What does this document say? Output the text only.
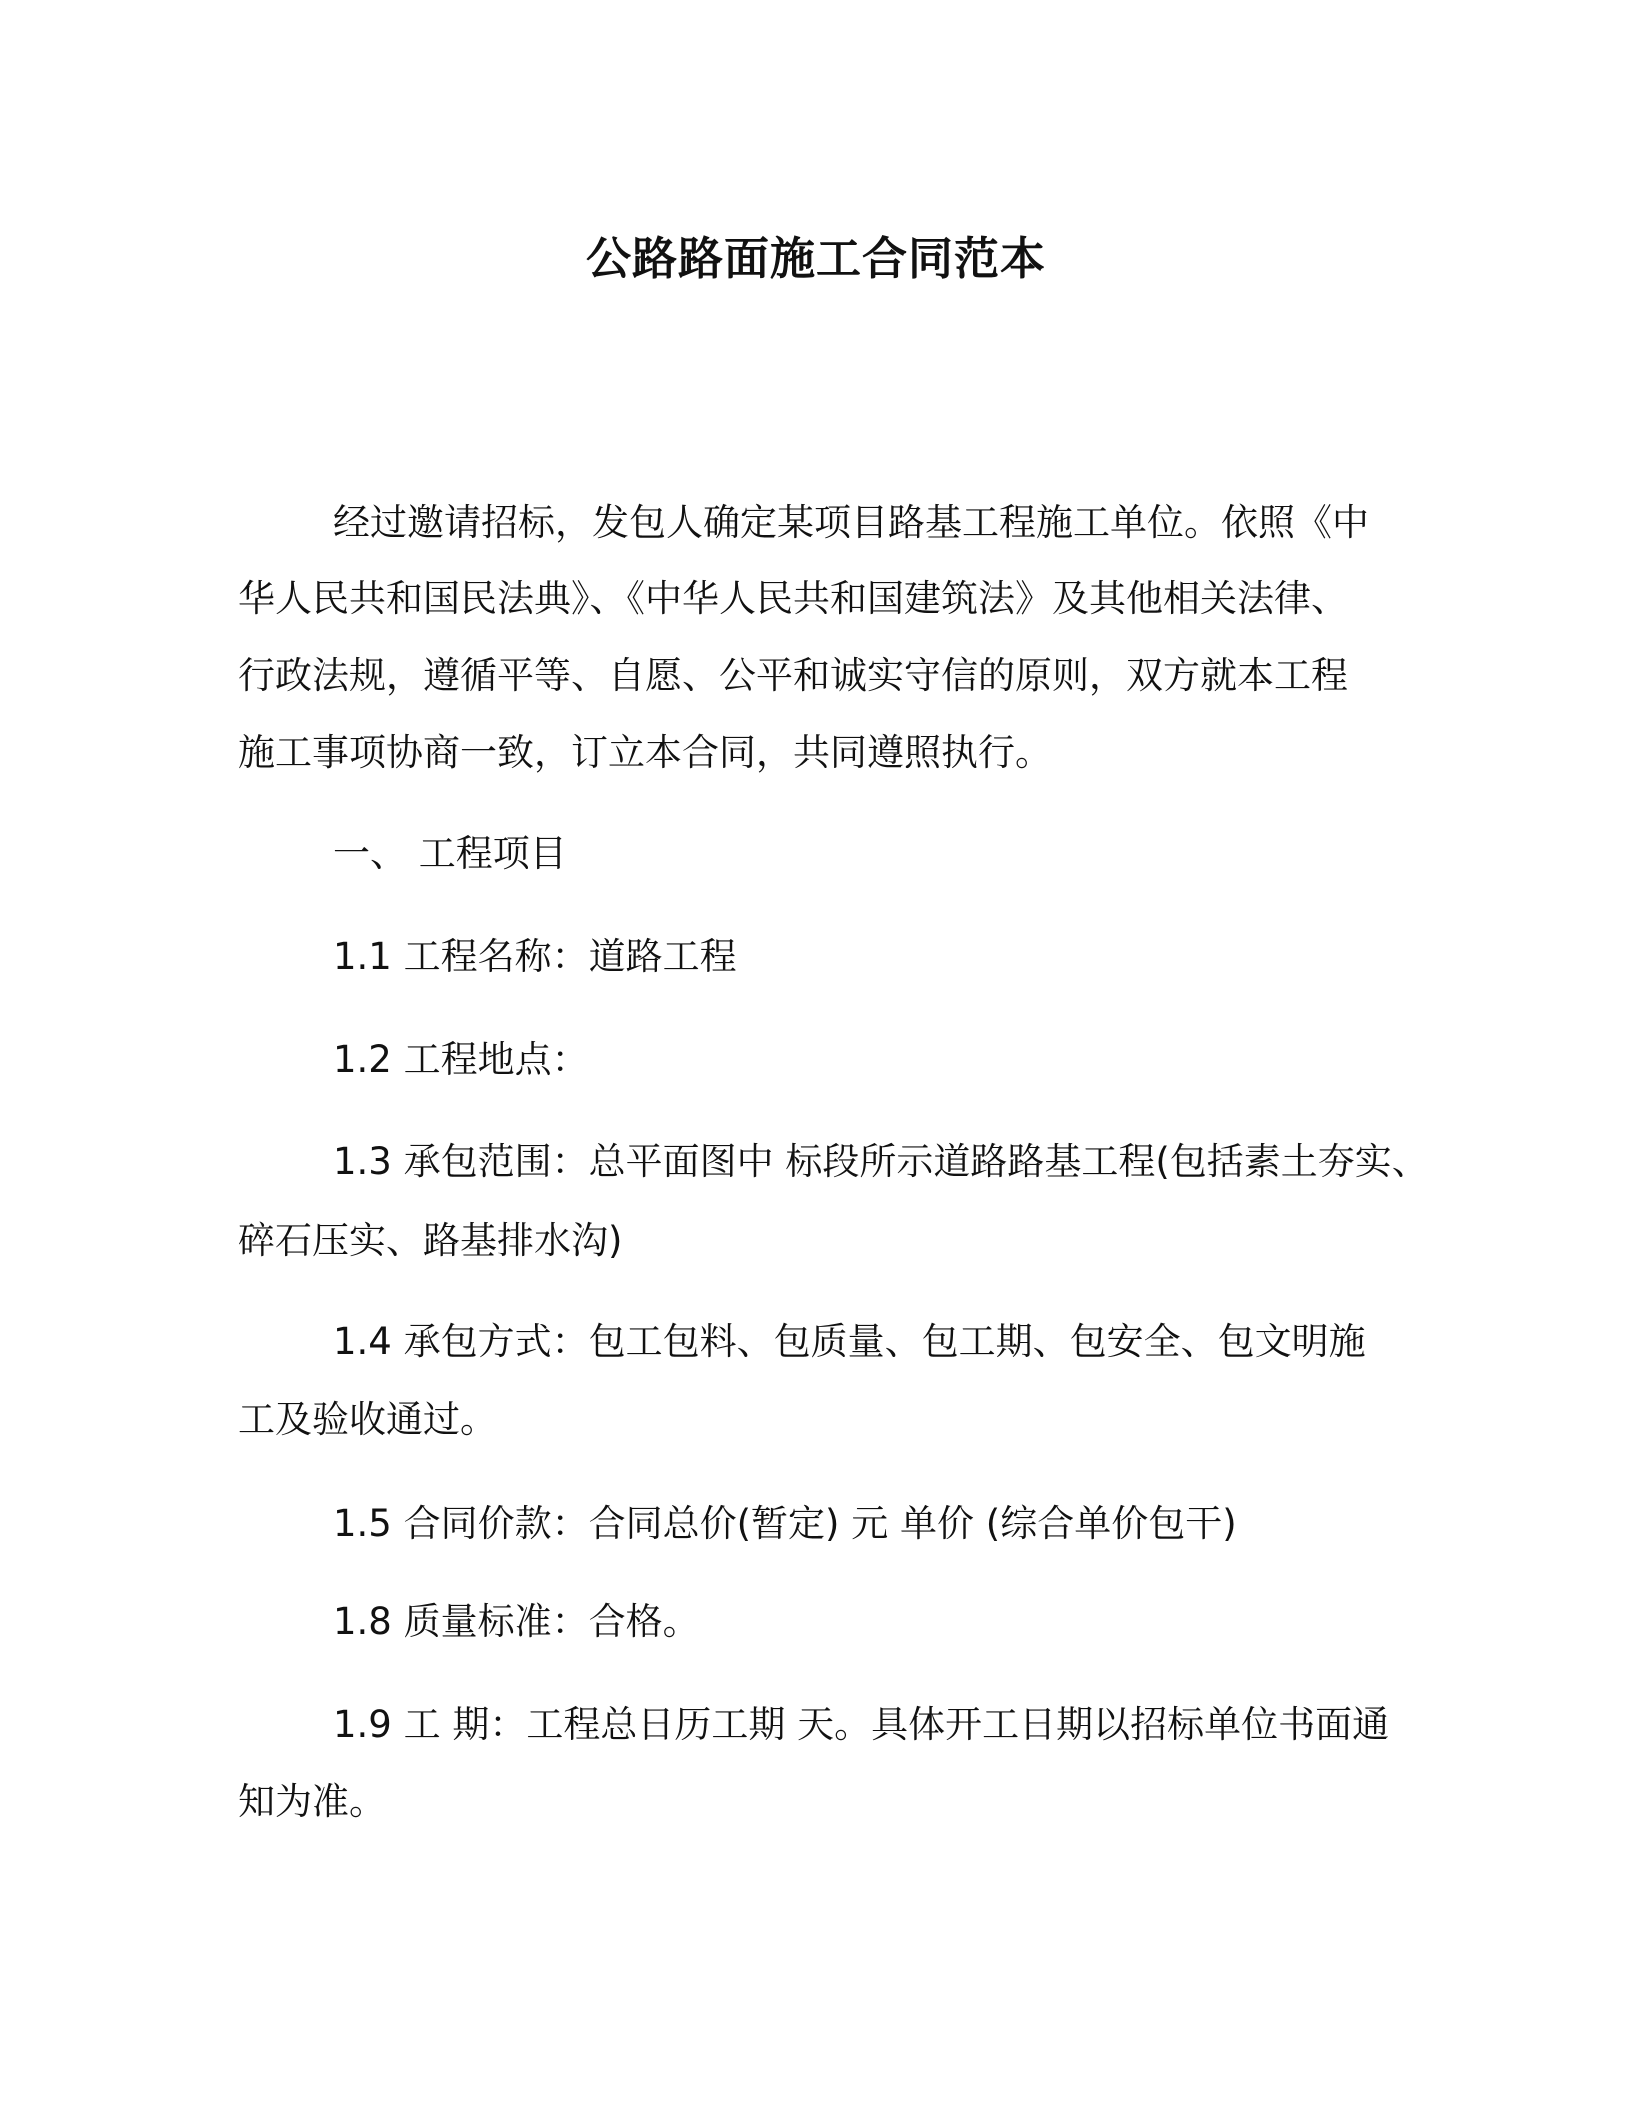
公路路面施工合同范本

经过邀请招标，发包人确定某项目路基工程施工单位。依照《中

华人民共和国民法典》、《中华人民共和国建筑法》及其他相关法律、

行政法规，遵循平等、自愿、公平和诚实守信的原则，双方就本工程

施工事项协商一致，订立本合同，共同遵照执行。

一、 工程项目

1.1 工程名称：道路工程

1.2 工程地点：

1.3 承包范围：总平面图中 标段所示道路路基工程(包括素土夯实、

碎石压实、路基排水沟)

1.4 承包方式：包工包料、包质量、包工期、包安全、包文明施

工及验收通过。

1.5 合同价款：合同总价(暂定) 元 单价 (综合单价包干)

1.8 质量标准：合格。

1.9 工 期：工程总日历工期 天。具体开工日期以招标单位书面通

知为准。
